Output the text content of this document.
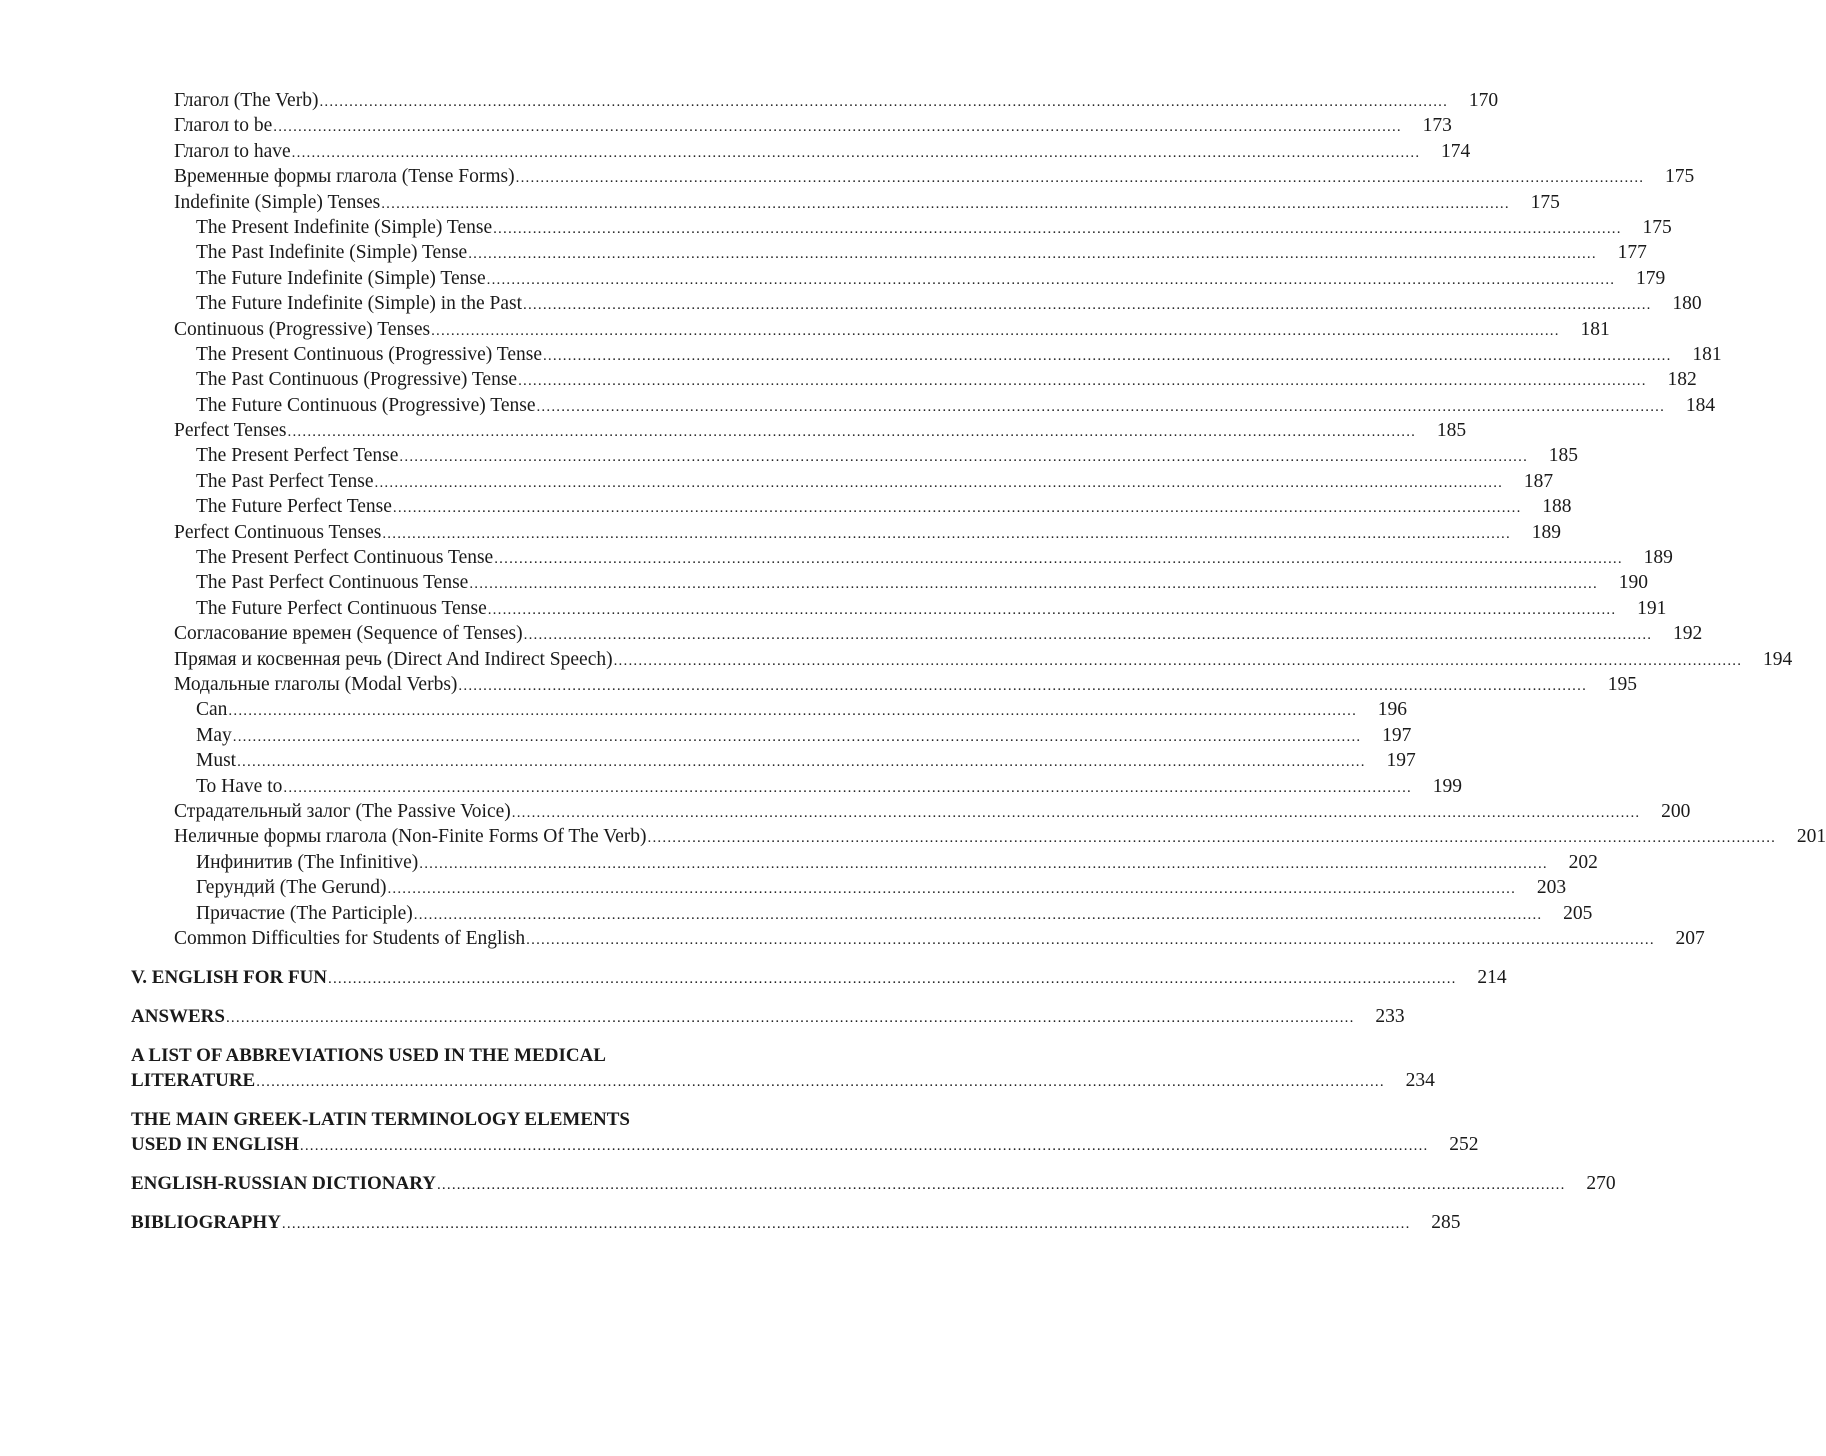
Глагол (The Verb) ....................................................................................................................................................................................................................................	170
Глагол to be ....................................................................................................................................................................................................................................	173
Глагол to have ....................................................................................................................................................................................................................................	174
Временные формы глагола (Tense Forms) ....................................................................................................................................................................................................................................	175
Indefinite (Simple) Tenses ....................................................................................................................................................................................................................................	175
The Present Indefinite (Simple) Tense ....................................................................................................................................................................................................................................	175
The Past Indefinite (Simple) Tense ....................................................................................................................................................................................................................................	177
The Future Indefinite (Simple) Tense ....................................................................................................................................................................................................................................	179
The Future Indefinite (Simple) in the Past ....................................................................................................................................................................................................................................	180
Continuous (Progressive) Tenses ....................................................................................................................................................................................................................................	181
The Present Continuous (Progressive) Tense ....................................................................................................................................................................................................................................	181
The Past Continuous (Progressive) Tense ....................................................................................................................................................................................................................................	182
The Future Continuous (Progressive) Tense ....................................................................................................................................................................................................................................	184
Perfect Tenses ....................................................................................................................................................................................................................................	185
The Present Perfect Tense ....................................................................................................................................................................................................................................	185
The Past Perfect Tense ....................................................................................................................................................................................................................................	187
The Future Perfect Tense ....................................................................................................................................................................................................................................	188
Perfect Continuous Tenses ....................................................................................................................................................................................................................................	189
The Present Perfect Continuous Tense ....................................................................................................................................................................................................................................	189
The Past Perfect Continuous Tense ....................................................................................................................................................................................................................................	190
The Future Perfect Continuous Tense ....................................................................................................................................................................................................................................	191
Согласование времен (Sequence of Tenses) ....................................................................................................................................................................................................................................	192
Прямая и косвенная речь (Direct And Indirect Speech) ....................................................................................................................................................................................................................................	194
Модальные глаголы (Modal Verbs) ....................................................................................................................................................................................................................................	195
Can ....................................................................................................................................................................................................................................	196
May ....................................................................................................................................................................................................................................	197
Must ....................................................................................................................................................................................................................................	197
To Have to ....................................................................................................................................................................................................................................	199
Страдательный залог (The Passive Voice) ....................................................................................................................................................................................................................................	200
Неличные формы глагола (Non-Finite Forms Of The Verb) ....................................................................................................................................................................................................................................	201
Инфинитив (The Infinitive) ....................................................................................................................................................................................................................................	202
Герундий (The Gerund) ....................................................................................................................................................................................................................................	203
Причастие (The Participle) ....................................................................................................................................................................................................................................	205
Common Difficulties for Students of English ....................................................................................................................................................................................................................................	207
V. ENGLISH FOR FUN ....................................................................................................................................................................................................................................	214
ANSWERS ....................................................................................................................................................................................................................................	233
A LIST OF ABBREVIATIONS USED IN THE MEDICAL
LITERATURE ....................................................................................................................................................................................................................................	234
THE MAIN GREEK-LATIN TERMINOLOGY ELEMENTS
USED IN ENGLISH ....................................................................................................................................................................................................................................	252
ENGLISH-RUSSIAN DICTIONARY ....................................................................................................................................................................................................................................	270
BIBLIOGRAPHY ....................................................................................................................................................................................................................................	285
